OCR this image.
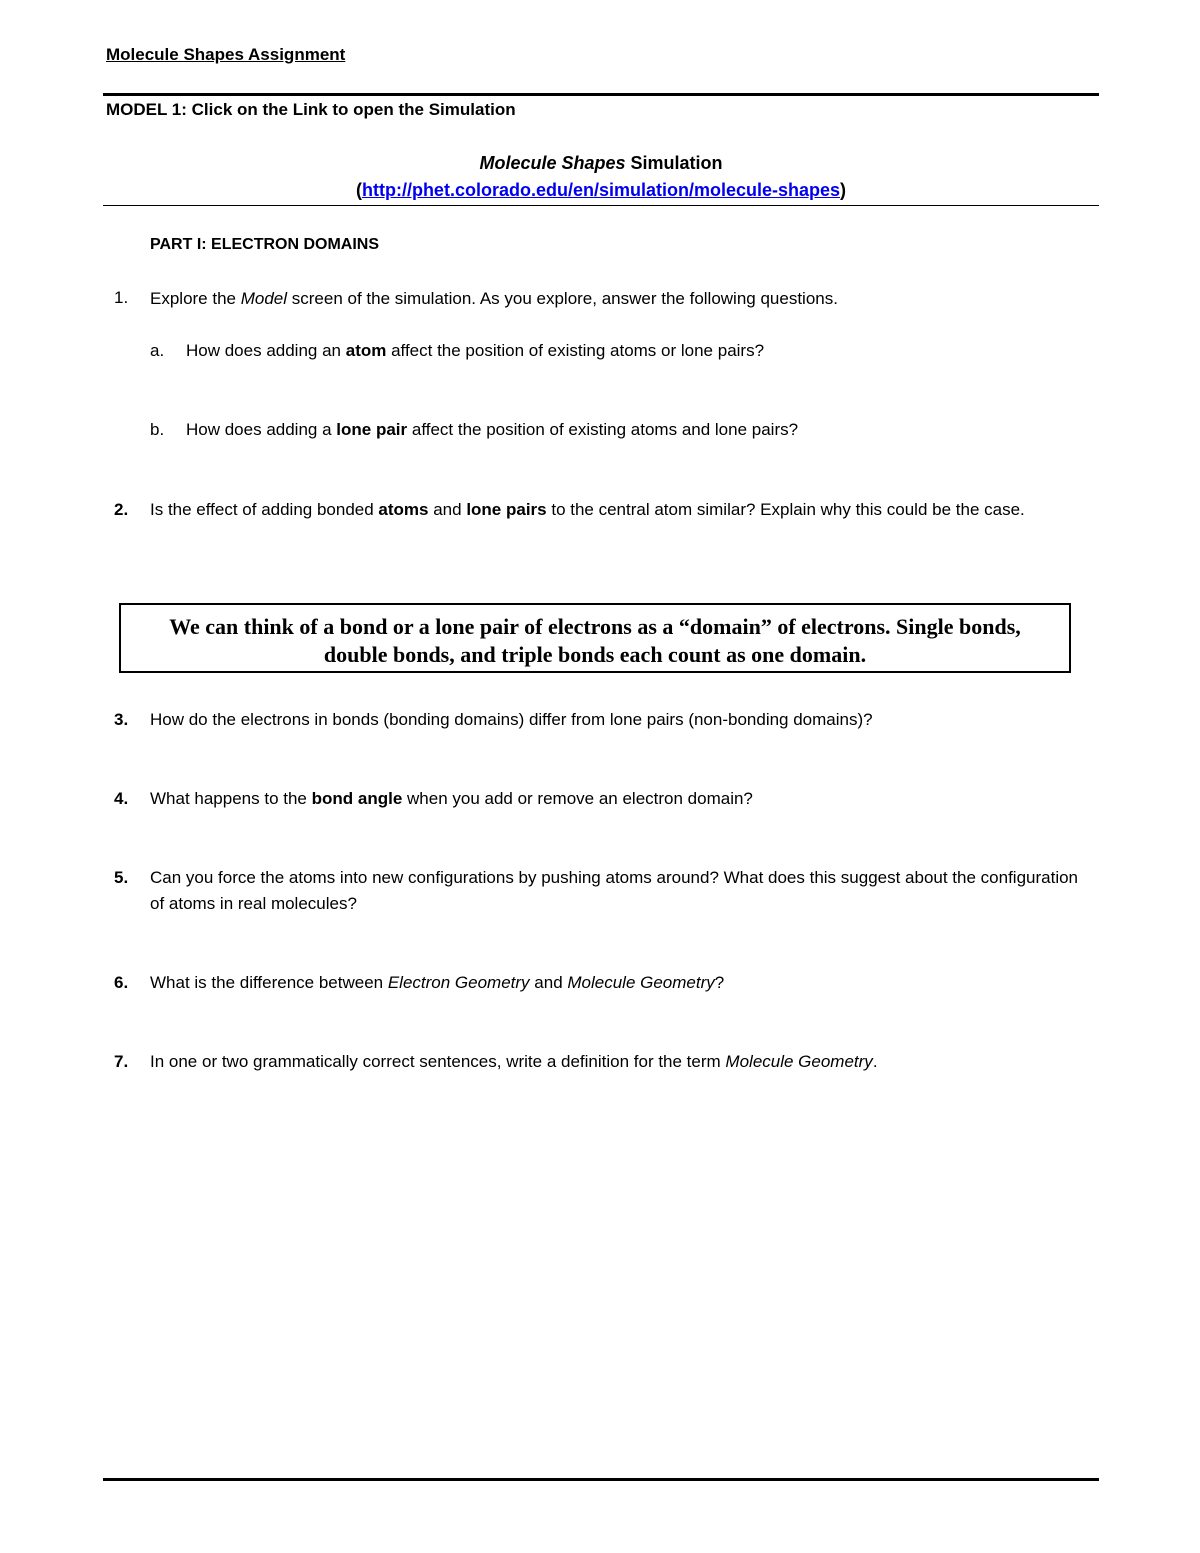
Molecule Shapes Assignment
MODEL 1: Click on the Link to open the Simulation
Molecule Shapes Simulation
(http://phet.colorado.edu/en/simulation/molecule-shapes)
PART I: ELECTRON DOMAINS
1. Explore the Model screen of the simulation. As you explore, answer the following questions.
a. How does adding an atom affect the position of existing atoms or lone pairs?
b. How does adding a lone pair affect the position of existing atoms and lone pairs?
2. Is the effect of adding bonded atoms and lone pairs to the central atom similar? Explain why this could be the case.
We can think of a bond or a lone pair of electrons as a “domain” of electrons. Single bonds,
double bonds, and triple bonds each count as one domain.
3. How do the electrons in bonds (bonding domains) differ from lone pairs (non-bonding domains)?
4. What happens to the bond angle when you add or remove an electron domain?
5. Can you force the atoms into new configurations by pushing atoms around? What does this suggest about the configuration of atoms in real molecules?
6. What is the difference between Electron Geometry and Molecule Geometry?
7. In one or two grammatically correct sentences, write a definition for the term Molecule Geometry.
